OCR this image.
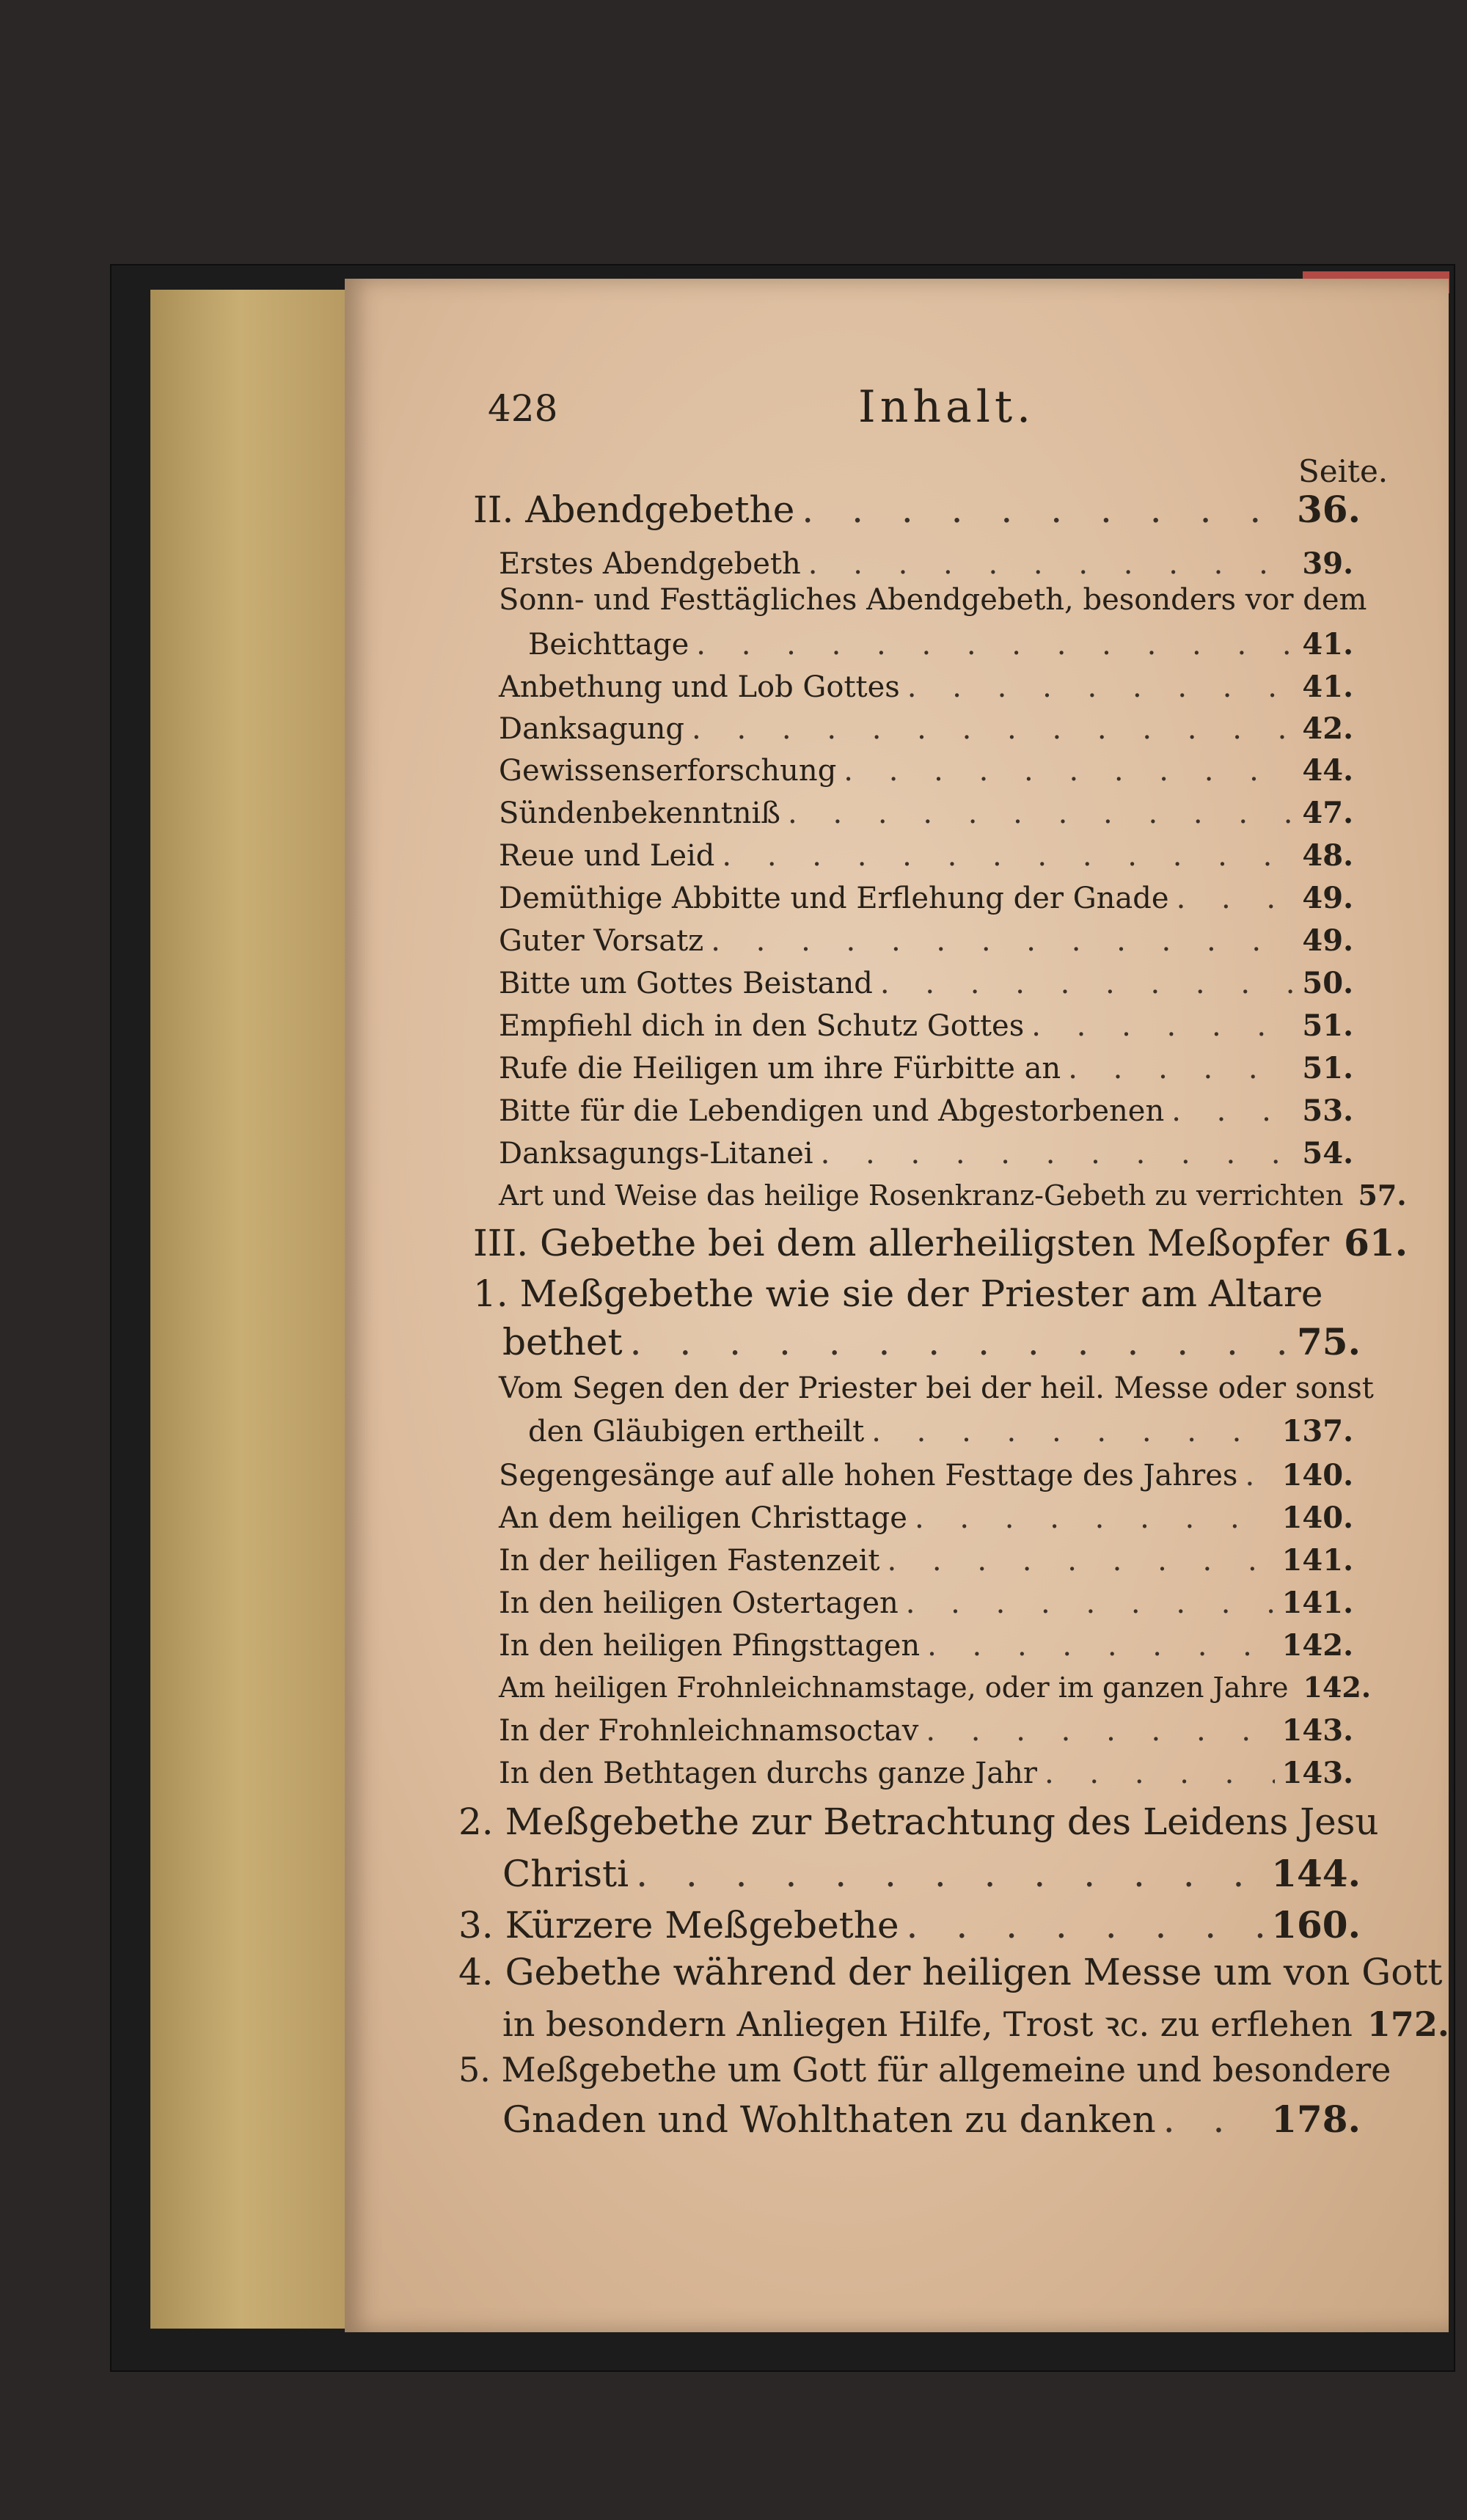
428	Inhalt.
Seite.
II. Abendgebethe . . .	36.
Erstes Abendgebeth . . .	39.
Sonn- und Festtägliches Abendgebeth, besonders vor dem
Beichttage . . .	41.
Anbethung und Lob Gottes . . .	41.
Danksagung . . .	42.
Gewissenserforschung . . .	44.
Sündenbekenntniß . . .	47.
Reue und Leid . . .	48.
Demüthige Abbitte und Erflehung der Gnade . . .	49.
Guter Vorsatz . . .	49.
Bitte um Gottes Beistand . . .	50.
Empfiehl dich in den Schutz Gottes . . .	51.
Rufe die Heiligen um ihre Fürbitte an . . .	51.
Bitte für die Lebendigen und Abgestorbenen . . .	53.
Danksagungs-Litanei . . .	54.
Art und Weise das heilige Rosenkranz-Gebeth zu verrichten 57.
III. Gebethe bei dem allerheiligsten Meßopfer 61.
1. Meßgebethe wie sie der Priester am Altare
bethet . . .	75.
Vom Segen den der Priester bei der heil. Messe oder sonst
den Gläubigen ertheilt . . .	137.
Segengesänge auf alle hohen Festtage des Jahres . . . 140.
An dem heiligen Christtage . . .	140.
In der heiligen Fastenzeit . . .	141.
In den heiligen Ostertagen . . .	141.
In den heiligen Pfingsttagen . . .	142.
Am heiligen Frohnleichnamstage, oder im ganzen Jahre 142.
In der Frohnleichnamsoctav . . .	143.
In den Bethtagen durchs ganze Jahr . . .	143.
2. Meßgebethe zur Betrachtung des Leidens Jesu
Christi . . .	144.
3. Kürzere Meßgebethe . . .	160.
4. Gebethe während der heiligen Messe um von Gott
in besondern Anliegen Hilfe, Trost ꝛc. zu erflehen 172.
5. Meßgebethe um Gott für allgemeine und besondere
Gnaden und Wohlthaten zu danken . . .	178.
